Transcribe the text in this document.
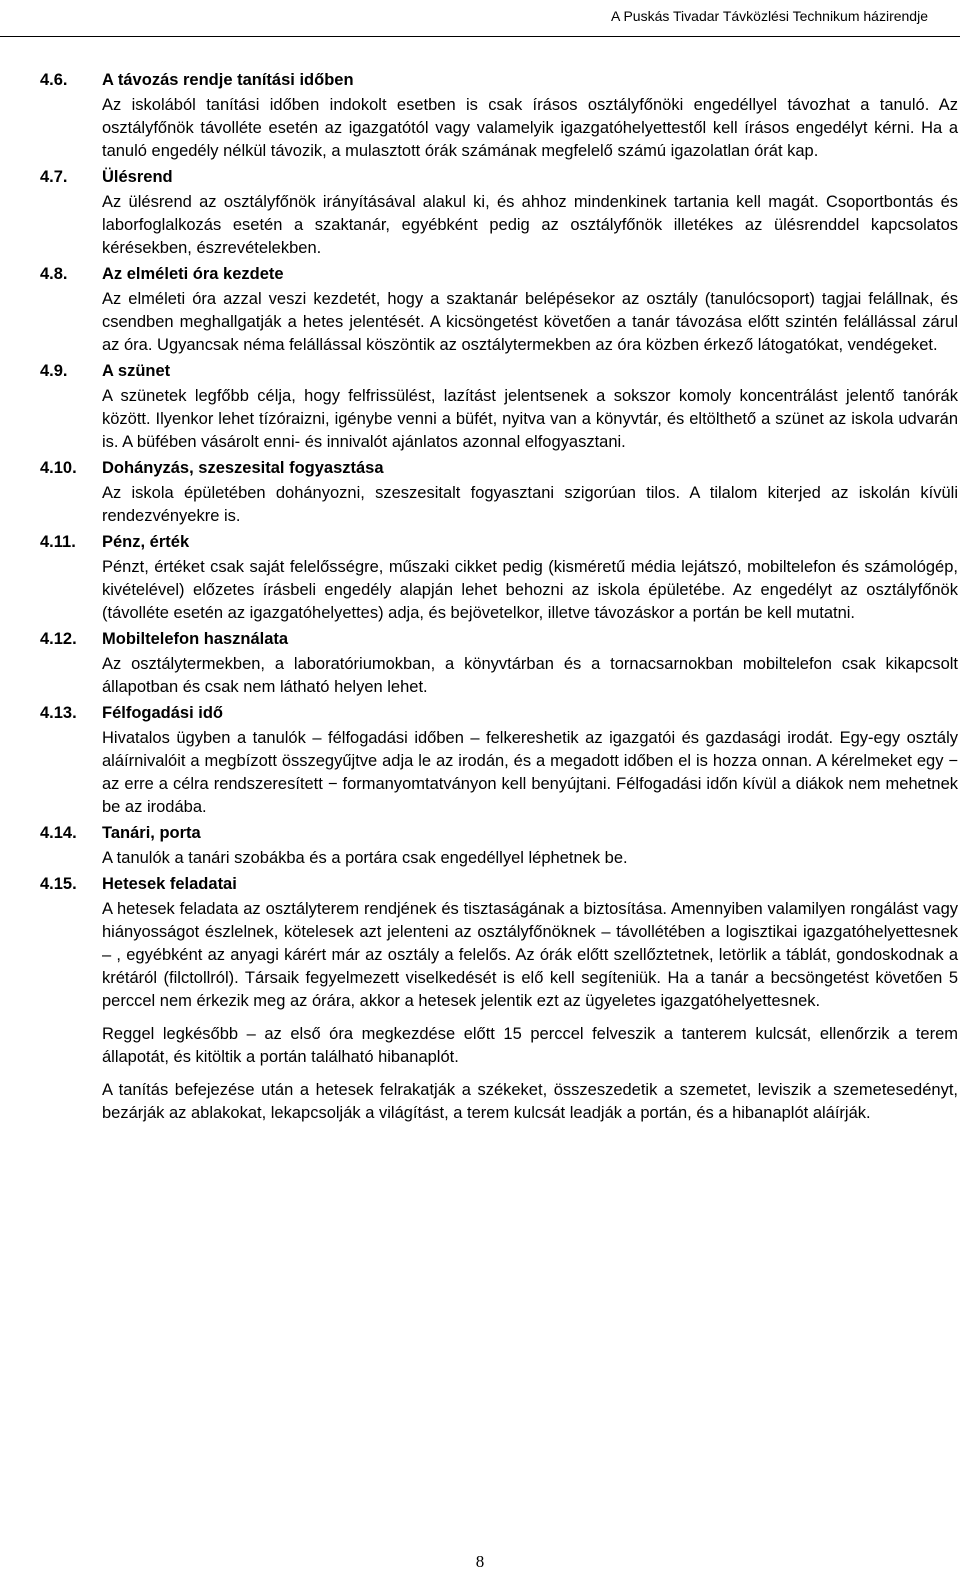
A Puskás Tivadar Távközlési Technikum házirendje
4.6.	A távozás rendje tanítási időben
Az iskolából tanítási időben indokolt esetben is csak írásos osztályfőnöki engedéllyel távozhat a tanuló. Az osztályfőnök távolléte esetén az igazgatótól vagy valamelyik igazgatóhelyettestől kell írásos engedélyt kérni. Ha a tanuló engedély nélkül távozik, a mulasztott órák számának megfelelő számú igazolatlan órát kap.
4.7.	Ülésrend
Az ülésrend az osztályfőnök irányításával alakul ki, és ahhoz mindenkinek tartania kell magát. Csoportbontás és laborfoglalkozás esetén a szaktanár, egyébként pedig az osztályfőnök illetékes az ülésrenddel kapcsolatos kérésekben, észrevételekben.
4.8.	Az elméleti óra kezdete
Az elméleti óra azzal veszi kezdetét, hogy a szaktanár belépésekor az osztály (tanulócsoport) tagjai felállnak, és csendben meghallgatják a hetes jelentését. A kicsöngetést követően a tanár távozása előtt szintén felállással zárul az óra. Ugyancsak néma felállással köszöntik az osztálytermekben az óra közben érkező látogatókat, vendégeket.
4.9.	A szünet
A szünetek legfőbb célja, hogy felfrissülést, lazítást jelentsenek a sokszor komoly koncentrálást jelentő tanórák között. Ilyenkor lehet tízóraizni, igénybe venni a büfét, nyitva van a könyvtár, és eltölthető a szünet az iskola udvarán is. A büfében vásárolt enni- és innivalót ajánlatos azonnal elfogyasztani.
4.10.	Dohányzás, szeszesital fogyasztása
Az iskola épületében dohányozni, szeszesitalt fogyasztani szigorúan tilos. A tilalom kiterjed az iskolán kívüli rendezvényekre is.
4.11.	Pénz, érték
Pénzt, értéket csak saját felelősségre, műszaki cikket pedig (kisméretű média lejátszó, mobiltelefon és számológép, kivételével) előzetes írásbeli engedély alapján lehet behozni az iskola épületébe. Az engedélyt az osztályfőnök (távolléte esetén az igazgatóhelyettes) adja, és bejövetelkor, illetve távozáskor a portán be kell mutatni.
4.12.	Mobiltelefon használata
Az osztálytermekben, a laboratóriumokban, a könyvtárban és a tornacsarnokban mobiltelefon csak kikapcsolt állapotban és csak nem látható helyen lehet.
4.13.	Félfogadási idő
Hivatalos ügyben a tanulók – félfogadási időben – felkereshetik az igazgatói és gazdasági irodát. Egy-egy osztály aláírnivalóit a megbízott összegyűjtve adja le az irodán, és a megadott időben el is hozza onnan. A kérelmeket egy − az erre a célra rendszeresített − formanyomtatványon kell benyújtani. Félfogadási időn kívül a diákok nem mehetnek be az irodába.
4.14.	Tanári, porta
A tanulók a tanári szobákba és a portára csak engedéllyel léphetnek be.
4.15.	Hetesek feladatai
A hetesek feladata az osztályterem rendjének és tisztaságának a biztosítása. Amennyiben valamilyen rongálást vagy hiányosságot észlelnek, kötelesek azt jelenteni az osztályfőnöknek – távollétében a logisztikai igazgatóhelyettesnek – , egyébként az anyagi kárért már az osztály a felelős. Az órák előtt szellőztetnek, letörlik a táblát, gondoskodnak a krétáról (filctollról). Társaik fegyelmezett viselkedését is elő kell segíteniük. Ha a tanár a becsöngetést követően 5 perccel nem érkezik meg az órára, akkor a hetesek jelentik ezt az ügyeletes igazgatóhelyettesnek.
Reggel legkésőbb – az első óra megkezdése előtt 15 perccel felveszik a tanterem kulcsát, ellenőrzik a terem állapotát, és kitöltik a portán található hibanaplót.
A tanítás befejezése után a hetesek felrakatják a székeket, összeszedetik a szemetet, leviszik a szemetesedényt, bezárják az ablakokat, lekapcsolják a világítást, a terem kulcsát leadják a portán, és a hibanaplót aláírják.
8
